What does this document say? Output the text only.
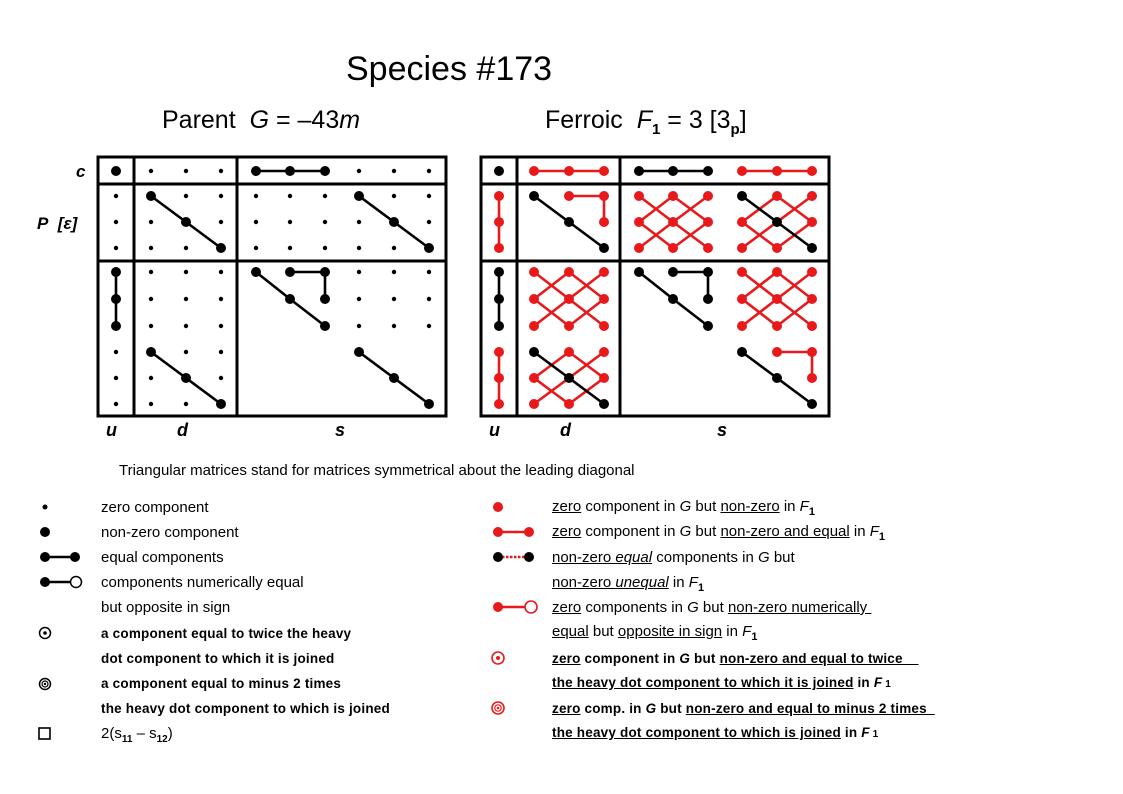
Species #173
Parent G = –43m	Ferroic $F_1 = 3$ $[3_p]$
c
P [ε]
u	d	s	u	d	s
Triangular matrices stand for matrices symmetrical about the leading diagonal
zero component
non-zero component
equal components
components numerically equal
but opposite in sign
a component equal to twice the heavy
dot component to which it is joined
a component equal to minus 2 times
the heavy dot component to which is joined
$2(s_{11} - s_{12})$
zero component in G but non-zero in $F_1$
zero component in G but non-zero and equal in $F_1$
non-zero equal components in G but
non-zero unequal in $F_1$
zero components in G but non-zero numerically
equal but opposite in sign in $F_1$
zero component in G but non-zero and equal to twice
the heavy dot component to which it is joined in F 1
zero comp. in G but non-zero and equal to minus 2 times
the heavy dot component to which is joined in F 1
